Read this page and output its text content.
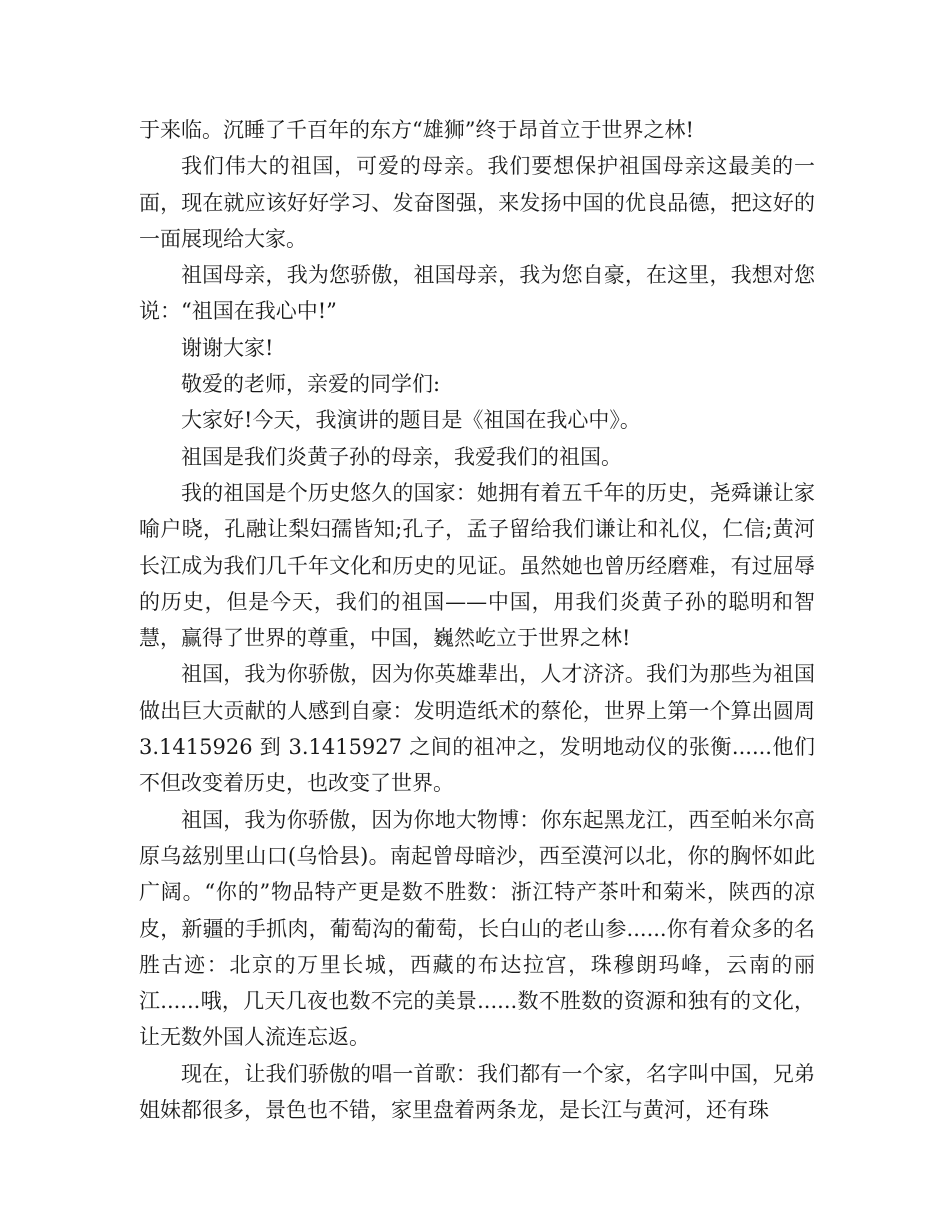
于来临。沉睡了千百年的东方“雄狮”终于昂首立于世界之林!

我们伟大的祖国，可爱的母亲。我们要想保护祖国母亲这最美的一面，现在就应该好好学习、发奋图强，来发扬中国的优良品德，把这好的一面展现给大家。

祖国母亲，我为您骄傲，祖国母亲，我为您自豪，在这里，我想对您说：“祖国在我心中!”

谢谢大家!

敬爱的老师，亲爱的同学们:

大家好!今天，我演讲的题目是《祖国在我心中》。

祖国是我们炎黄子孙的母亲，我爱我们的祖国。

我的祖国是个历史悠久的国家：她拥有着五千年的历史，尧舜谦让家喻户晓，孔融让梨妇孺皆知;孔子，孟子留给我们谦让和礼仪，仁信;黄河长江成为我们几千年文化和历史的见证。虽然她也曾历经磨难，有过屈辱的历史，但是今天，我们的祖国——中国，用我们炎黄子孙的聪明和智慧，赢得了世界的尊重，中国，巍然屹立于世界之林!

祖国，我为你骄傲，因为你英雄辈出，人才济济。我们为那些为祖国做出巨大贡献的人感到自豪：发明造纸术的蔡伦，世界上第一个算出圆周 3.1415926 到 3.1415927 之间的祖冲之，发明地动仪的张衡......他们不但改变着历史，也改变了世界。

祖国，我为你骄傲，因为你地大物博：你东起黑龙江，西至帕米尔高原乌兹别里山口(乌恰县)。南起曾母暗沙，西至漠河以北，你的胸怀如此广阔。“你的”物品特产更是数不胜数：浙江特产茶叶和菊米，陕西的凉皮，新疆的手抓肉，葡萄沟的葡萄，长白山的老山参......你有着众多的名胜古迹：北京的万里长城，西藏的布达拉宫，珠穆朗玛峰，云南的丽江......哦，几天几夜也数不完的美景......数不胜数的资源和独有的文化，让无数外国人流连忘返。

现在，让我们骄傲的唱一首歌：我们都有一个家，名字叫中国，兄弟姐妹都很多，景色也不错，家里盘着两条龙，是长江与黄河，还有珠
